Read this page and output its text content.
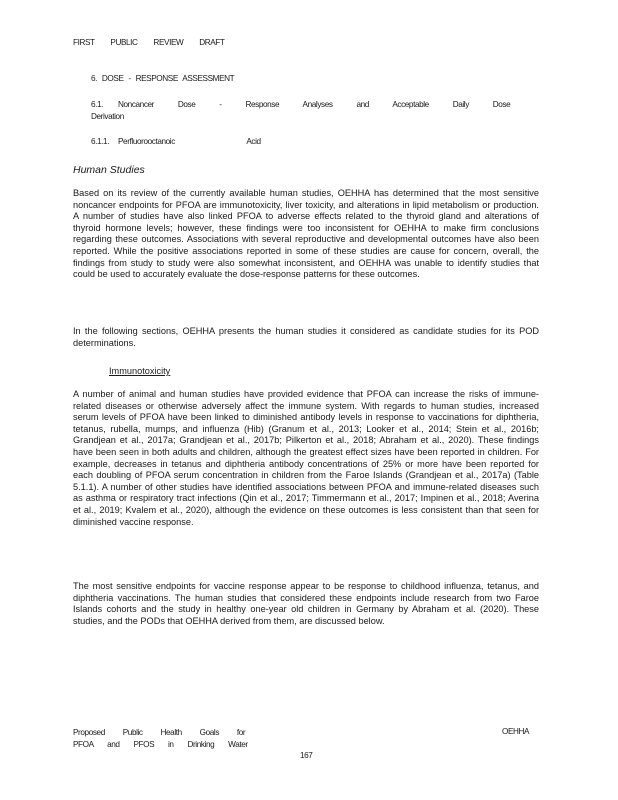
FIRST PUBLIC REVIEW DRAFT
6. DOSE - RESPONSE ASSESSMENT
6.1. Noncancer Dose - Response Analyses and Acceptable Daily Dose Derivation
6.1.1. Perfluorooctanoic Acid
Human Studies

Based on its review of the currently available human studies, OEHHA has determined that the most sensitive noncancer endpoints for PFOA are immunotoxicity, liver toxicity, and alterations in lipid metabolism or production. A number of studies have also linked PFOA to adverse effects related to the thyroid gland and alterations of thyroid hormone levels; however, these findings were too inconsistent for OEHHA to make firm conclusions regarding these outcomes. Associations with several reproductive and developmental outcomes have also been reported. While the positive associations reported in some of these studies are cause for concern, overall, the findings from study to study were also somewhat inconsistent, and OEHHA was unable to identify studies that could be used to accurately evaluate the dose-response patterns for these outcomes.

In the following sections, OEHHA presents the human studies it considered as candidate studies for its POD determinations.

Immunotoxicity

A number of animal and human studies have provided evidence that PFOA can increase the risks of immune-related diseases or otherwise adversely affect the immune system. With regards to human studies, increased serum levels of PFOA have been linked to diminished antibody levels in response to vaccinations for diphtheria, tetanus, rubella, mumps, and influenza (Hib) (Granum et al., 2013; Looker et al., 2014; Stein et al., 2016b; Grandjean et al., 2017a; Grandjean et al., 2017b; Pilkerton et al., 2018; Abraham et al., 2020). These findings have been seen in both adults and children, although the greatest effect sizes have been reported in children. For example, decreases in tetanus and diphtheria antibody concentrations of 25% or more have been reported for each doubling of PFOA serum concentration in children from the Faroe Islands (Grandjean et al., 2017a) (Table 5.1.1). A number of other studies have identified associations between PFOA and immune-related diseases such as asthma or respiratory tract infections (Qin et al., 2017; Timmermann et al., 2017; Impinen et al., 2018; Averina et al., 2019; Kvalem et al., 2020), although the evidence on these outcomes is less consistent than that seen for diminished vaccine response.

The most sensitive endpoints for vaccine response appear to be response to childhood influenza, tetanus, and diphtheria vaccinations. The human studies that considered these endpoints include research from two Faroe Islands cohorts and the study in healthy one-year old children in Germany by Abraham et al. (2020). These studies, and the PODs that OEHHA derived from them, are discussed below.

Proposed Public Health Goals for
PFOA and PFOS in Drinking Water
OEHHA
167
